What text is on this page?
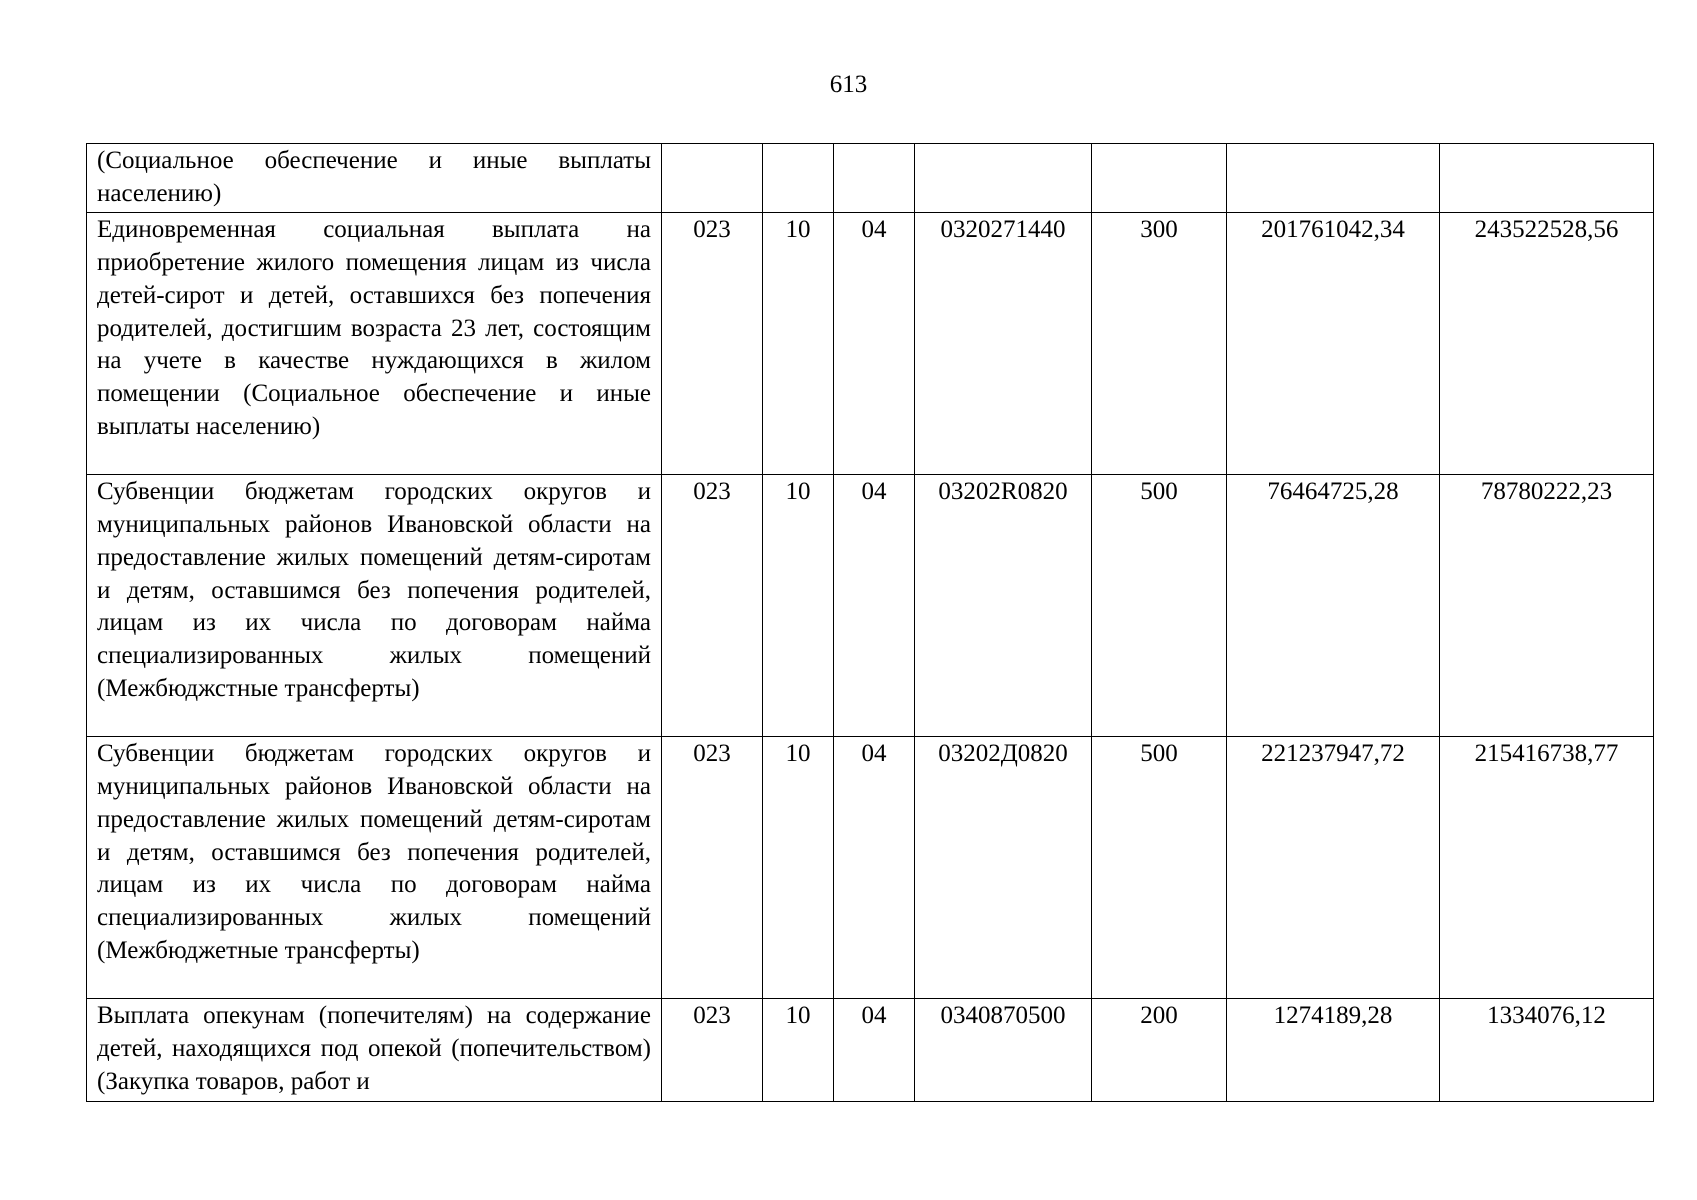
613
(Социальное обеспечение и иные выплаты населению)							
Единовременная социальная выплата на приобретение жилого помещения лицам из числа детей-сирот и детей, оставшихся без попечения родителей, достигшим возраста 23 лет, состоящим на учете в качестве нуждающихся в жилом помещении (Социальное обеспечение и иные выплаты населению)	023	10	04	0320271440	300	201761042,34	243522528,56
Субвенции бюджетам городских округов и муниципальных районов Ивановской области на предоставление жилых помещений детям-сиротам и детям, оставшимся без попечения родителей, лицам из их числа по договорам найма специализированных жилых помещений (Межбюджстные трансферты)	023	10	04	03202R0820	500	76464725,28	78780222,23
Субвенции бюджетам городских округов и муниципальных районов Ивановской области на предоставление жилых помещений детям-сиротам и детям, оставшимся без попечения родителей, лицам из их числа по договорам найма специализированных жилых помещений (Межбюджетные трансферты)	023	10	04	03202Д0820	500	221237947,72	215416738,77
Выплата опекунам (попечителям) на содержание детей, находящихся под опекой (попечительством) (Закупка товаров, работ и	023	10	04	0340870500	200	1274189,28	1334076,12
